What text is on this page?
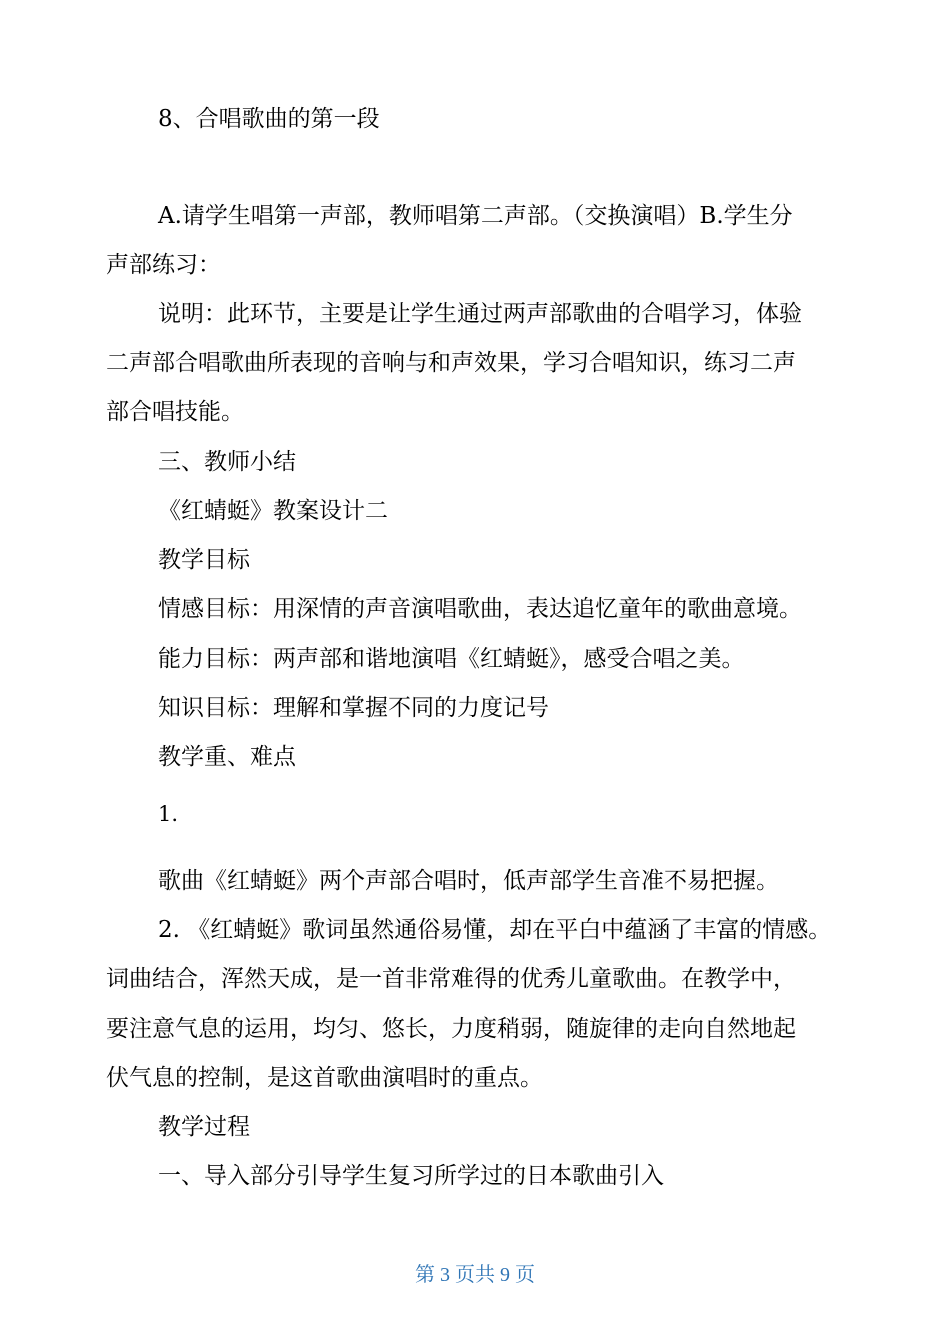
8、合唱歌曲的第一段
A.请学生唱第一声部，教师唱第二声部。（交换演唱）B.学生分
声部练习：
说明：此环节，主要是让学生通过两声部歌曲的合唱学习，体验
二声部合唱歌曲所表现的音响与和声效果，学习合唱知识，练习二声
部合唱技能。
三、教师小结
《红蜻蜓》教案设计二
教学目标
情感目标：用深情的声音演唱歌曲，表达追忆童年的歌曲意境。
能力目标：两声部和谐地演唱《红蜻蜓》，感受合唱之美。
知识目标：理解和掌握不同的力度记号
教学重、难点
1.
歌曲《红蜻蜓》两个声部合唱时，低声部学生音准不易把握。
2. 《红蜻蜓》歌词虽然通俗易懂，却在平白中蕴涵了丰富的情感。
词曲结合，浑然天成，是一首非常难得的优秀儿童歌曲。在教学中，
要注意气息的运用，均匀、悠长，力度稍弱，随旋律的走向自然地起
伏气息的控制，是这首歌曲演唱时的重点。
教学过程
一、导入部分引导学生复习所学过的日本歌曲引入
第 3 页共 9 页
